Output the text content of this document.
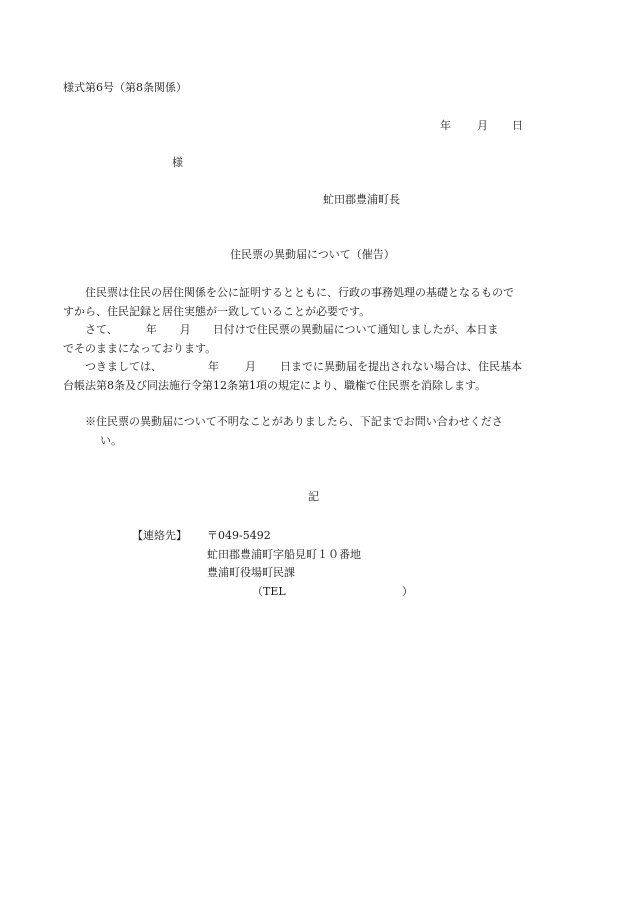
様式第6号（第8条関係）
年 月 日
様
虻田郡豊浦町長
住民票の異動届について（催告）
住民票は住民の居住関係を公に証明するとともに、行政の事務処理の基礎となるもので
すから、住民記録と居住実態が一致していることが必要です。
さて、	年 月 日付けで住民票の異動届について通知しましたが、本日ま
でそのままになっております。
つきましては、	年 月 日までに異動届を提出されない場合は、住民基本
台帳法第8条及び同法施行令第12条第1項の規定により、職権で住民票を消除します。
※住民票の異動届について不明なことがありましたら、下記までお問い合わせくださ
い。
記
【連絡先】 〒049-5492
虻田郡豊浦町字船見町１０番地
豊浦町役場町民課
（TEL	）
